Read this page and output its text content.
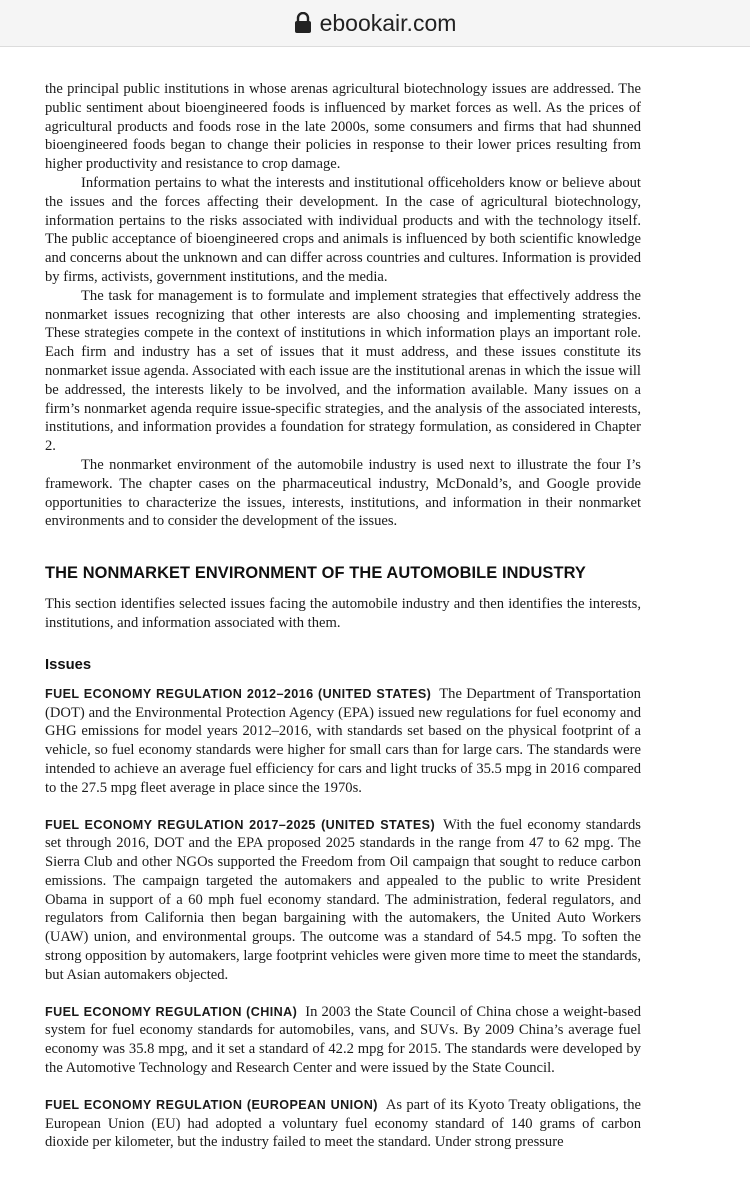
ebookair.com

the principal public institutions in whose arenas agricultural biotechnology issues are addressed. The public sentiment about bioengineered foods is influenced by market forces as well. As the prices of agricultural products and foods rose in the late 2000s, some consumers and firms that had shunned bioengineered foods began to change their policies in response to their lower prices resulting from higher productivity and resistance to crop damage.

Information pertains to what the interests and institutional officeholders know or believe about the issues and the forces affecting their development. In the case of agricultural biotechnology, information pertains to the risks associated with individual products and with the technology itself. The public acceptance of bioengineered crops and animals is influenced by both scientific knowledge and concerns about the unknown and can differ across countries and cultures. Information is provided by firms, activists, government institutions, and the media.

The task for management is to formulate and implement strategies that effectively address the nonmarket issues recognizing that other interests are also choosing and implementing strategies. These strategies compete in the context of institutions in which information plays an important role. Each firm and industry has a set of issues that it must address, and these issues constitute its nonmarket issue agenda. Associated with each issue are the institutional arenas in which the issue will be addressed, the interests likely to be involved, and the information available. Many issues on a firm’s nonmarket agenda require issue-specific strategies, and the analysis of the associated interests, institutions, and information provides a foundation for strategy formulation, as considered in Chapter 2.

The nonmarket environment of the automobile industry is used next to illustrate the four I’s framework. The chapter cases on the pharmaceutical industry, McDonald’s, and Google provide opportunities to characterize the issues, interests, institutions, and information in their nonmarket environments and to consider the development of the issues.

THE NONMARKET ENVIRONMENT OF THE AUTOMOBILE INDUSTRY

This section identifies selected issues facing the automobile industry and then identifies the interests, institutions, and information associated with them.

Issues

FUEL ECONOMY REGULATION 2012–2016 (UNITED STATES) The Department of Transportation (DOT) and the Environmental Protection Agency (EPA) issued new regulations for fuel economy and GHG emissions for model years 2012–2016, with standards set based on the physical footprint of a vehicle, so fuel economy standards were higher for small cars than for large cars. The standards were intended to achieve an average fuel efficiency for cars and light trucks of 35.5 mpg in 2016 compared to the 27.5 mpg fleet average in place since the 1970s.

FUEL ECONOMY REGULATION 2017–2025 (UNITED STATES) With the fuel economy standards set through 2016, DOT and the EPA proposed 2025 standards in the range from 47 to 62 mpg. The Sierra Club and other NGOs supported the Freedom from Oil campaign that sought to reduce carbon emissions. The campaign targeted the automakers and appealed to the public to write President Obama in support of a 60 mph fuel economy standard. The administration, federal regulators, and regulators from California then began bargaining with the automakers, the United Auto Workers (UAW) union, and environmental groups. The outcome was a standard of 54.5 mpg. To soften the strong opposition by automakers, large footprint vehicles were given more time to meet the standards, but Asian automakers objected.

FUEL ECONOMY REGULATION (CHINA) In 2003 the State Council of China chose a weight-based system for fuel economy standards for automobiles, vans, and SUVs. By 2009 China’s average fuel economy was 35.8 mpg, and it set a standard of 42.2 mpg for 2015. The standards were developed by the Automotive Technology and Research Center and were issued by the State Council.

FUEL ECONOMY REGULATION (EUROPEAN UNION) As part of its Kyoto Treaty obligations, the European Union (EU) had adopted a voluntary fuel economy standard of 140 grams of carbon dioxide per kilometer, but the industry failed to meet the standard. Under strong pressure
